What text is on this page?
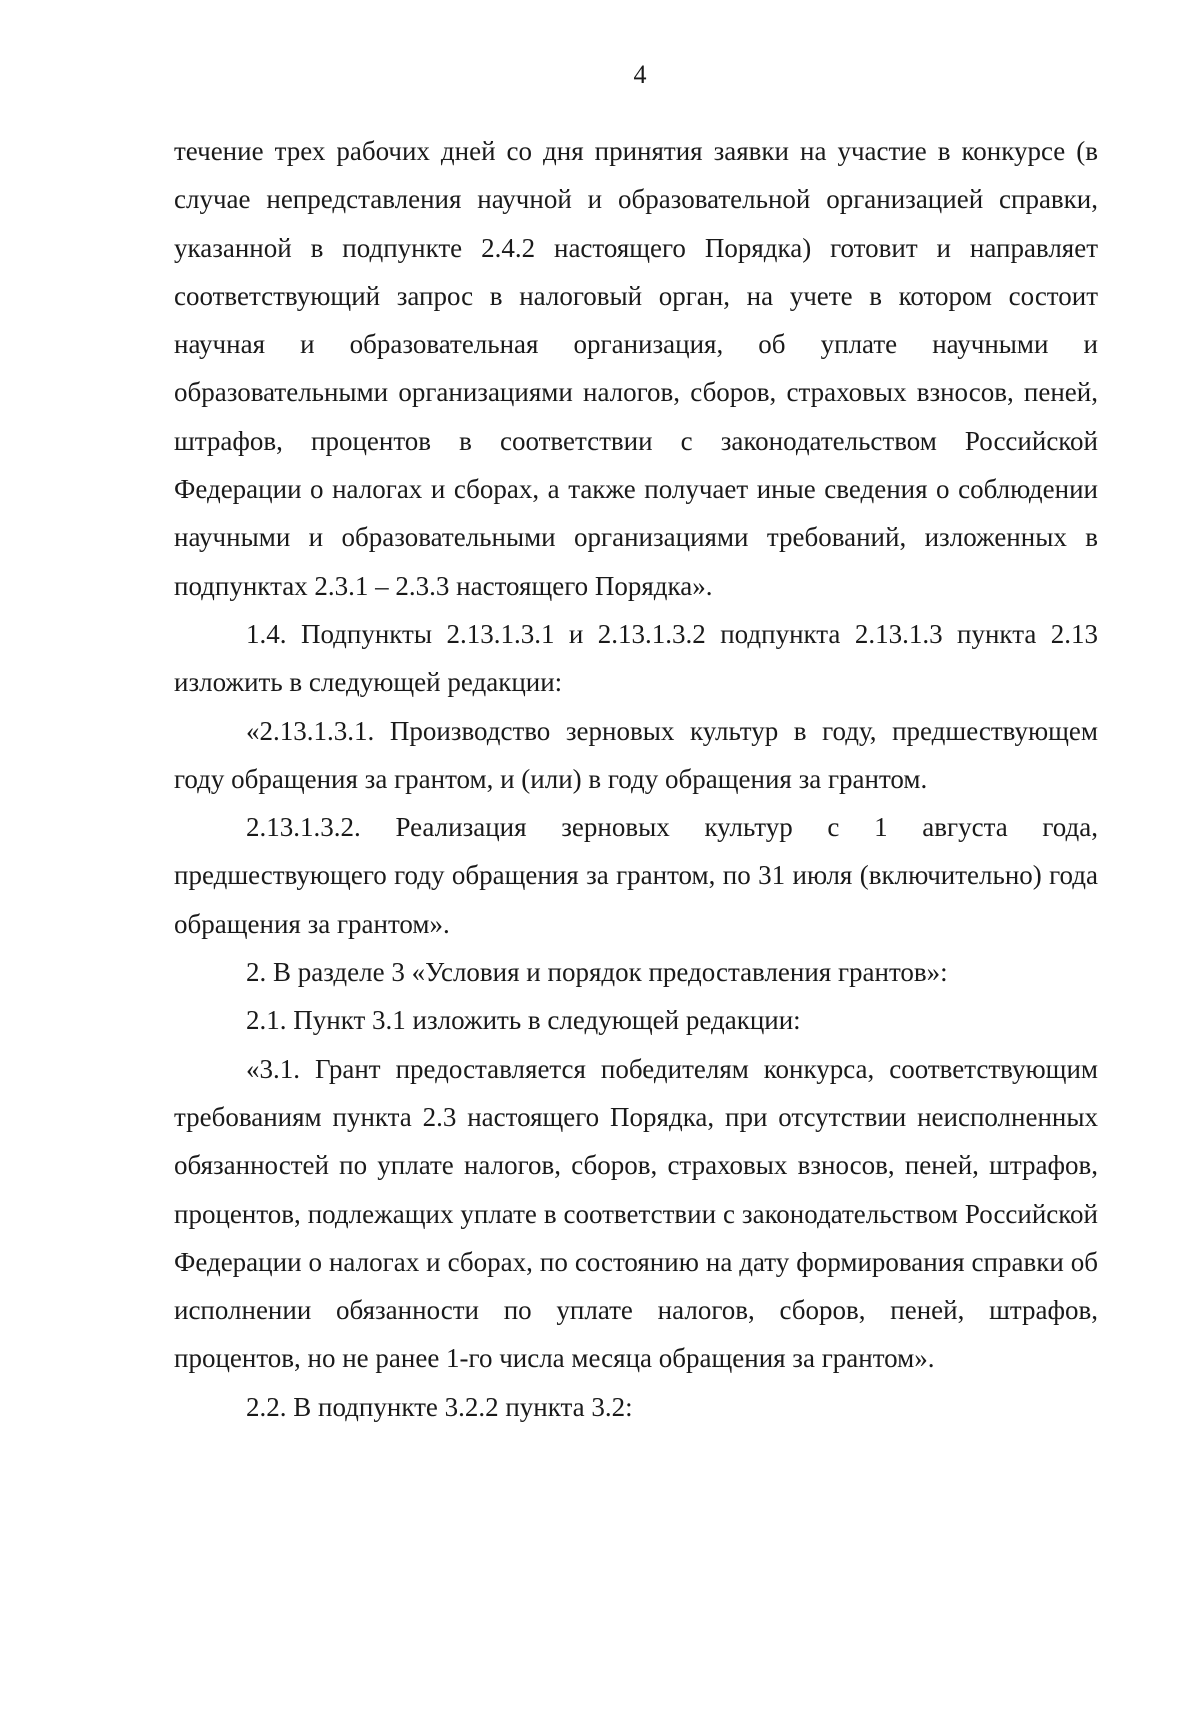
4

течение трех рабочих дней со дня принятия заявки на участие в конкурсе (в случае непредставления научной и образовательной организацией справки, указанной в подпункте 2.4.2 настоящего Порядка) готовит и направляет соответствующий запрос в налоговый орган, на учете в котором состоит научная и образовательная организация, об уплате научными и образовательными организациями налогов, сборов, страховых взносов, пеней, штрафов, процентов в соответствии с законодательством Российской Федерации о налогах и сборах, а также получает иные сведения о соблюдении научными и образовательными организациями требований, изложенных в подпунктах 2.3.1 – 2.3.3 настоящего Порядка».

1.4. Подпункты 2.13.1.3.1 и 2.13.1.3.2 подпункта 2.13.1.3 пункта 2.13 изложить в следующей редакции:

«2.13.1.3.1. Производство зерновых культур в году, предшествующем году обращения за грантом, и (или) в году обращения за грантом.

2.13.1.3.2. Реализация зерновых культур с 1 августа года, предшествующего году обращения за грантом, по 31 июля (включительно) года обращения за грантом».

2. В разделе 3 «Условия и порядок предоставления грантов»:

2.1. Пункт 3.1 изложить в следующей редакции:

«3.1. Грант предоставляется победителям конкурса, соответствующим требованиям пункта 2.3 настоящего Порядка, при отсутствии неисполненных обязанностей по уплате налогов, сборов, страховых взносов, пеней, штрафов, процентов, подлежащих уплате в соответствии с законодательством Российской Федерации о налогах и сборах, по состоянию на дату формирования справки об исполнении обязанности по уплате налогов, сборов, пеней, штрафов, процентов, но не ранее 1-го числа месяца обращения за грантом».

2.2. В подпункте 3.2.2 пункта 3.2:
